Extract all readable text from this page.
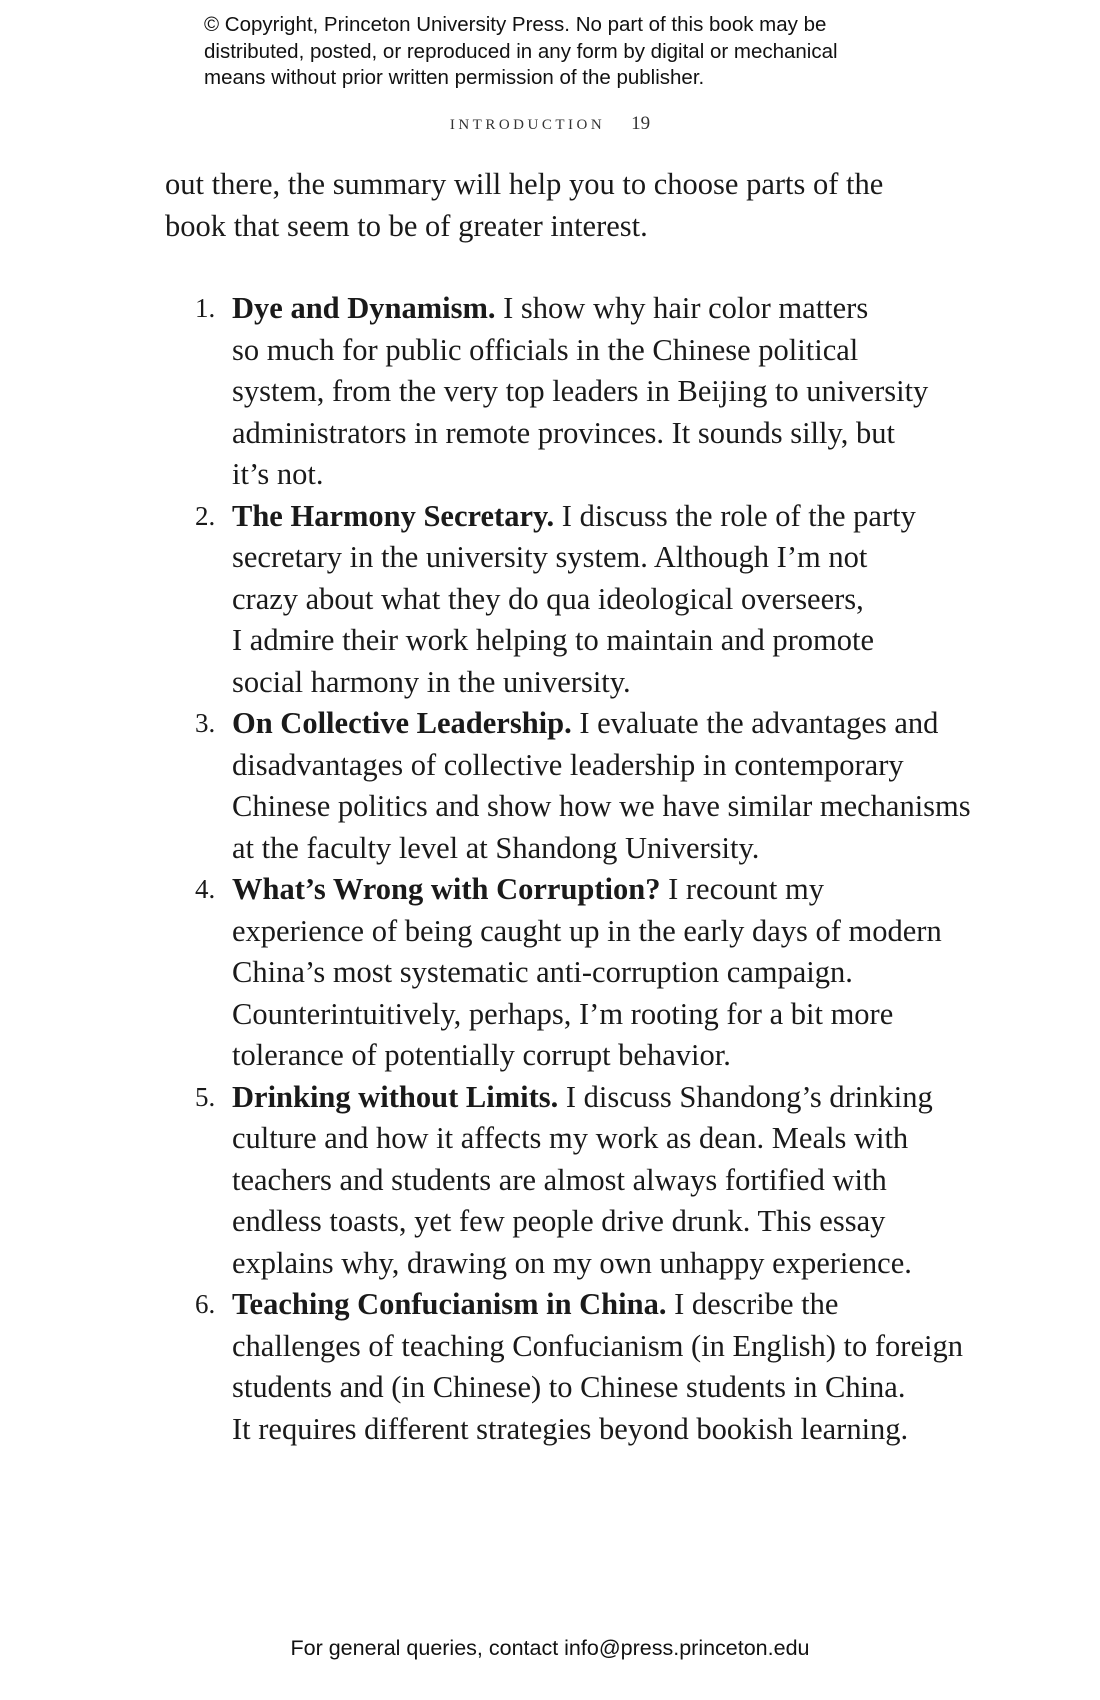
© Copyright, Princeton University Press. No part of this book may be
distributed, posted, or reproduced in any form by digital or mechanical
means without prior written permission of the publisher.
INTRODUCTION 19
out there, the summary will help you to choose parts of the
book that seem to be of greater interest.
1. Dye and Dynamism. I show why hair color matters
so much for public officials in the Chinese political
system, from the very top leaders in Beijing to university
administrators in remote provinces. It sounds silly, but
it’s not.
2. The Harmony Secretary. I discuss the role of the party
secretary in the university system. Although I’m not
crazy about what they do qua ideological overseers,
I admire their work helping to maintain and promote
social harmony in the university.
3. On Collective Leadership. I evaluate the advantages and
disadvantages of collective leadership in contemporary
Chinese politics and show how we have similar mechanisms
at the faculty level at Shandong University.
4. What’s Wrong with Corruption? I recount my
experience of being caught up in the early days of modern
China’s most systematic anti-corruption campaign.
Counterintuitively, perhaps, I’m rooting for a bit more
tolerance of potentially corrupt behavior.
5. Drinking without Limits. I discuss Shandong’s drinking
culture and how it affects my work as dean. Meals with
teachers and students are almost always fortified with
endless toasts, yet few people drive drunk. This essay
explains why, drawing on my own unhappy experience.
6. Teaching Confucianism in China. I describe the
challenges of teaching Confucianism (in English) to foreign
students and (in Chinese) to Chinese students in China.
It requires different strategies beyond bookish learning.
For general queries, contact info@press.princeton.edu
